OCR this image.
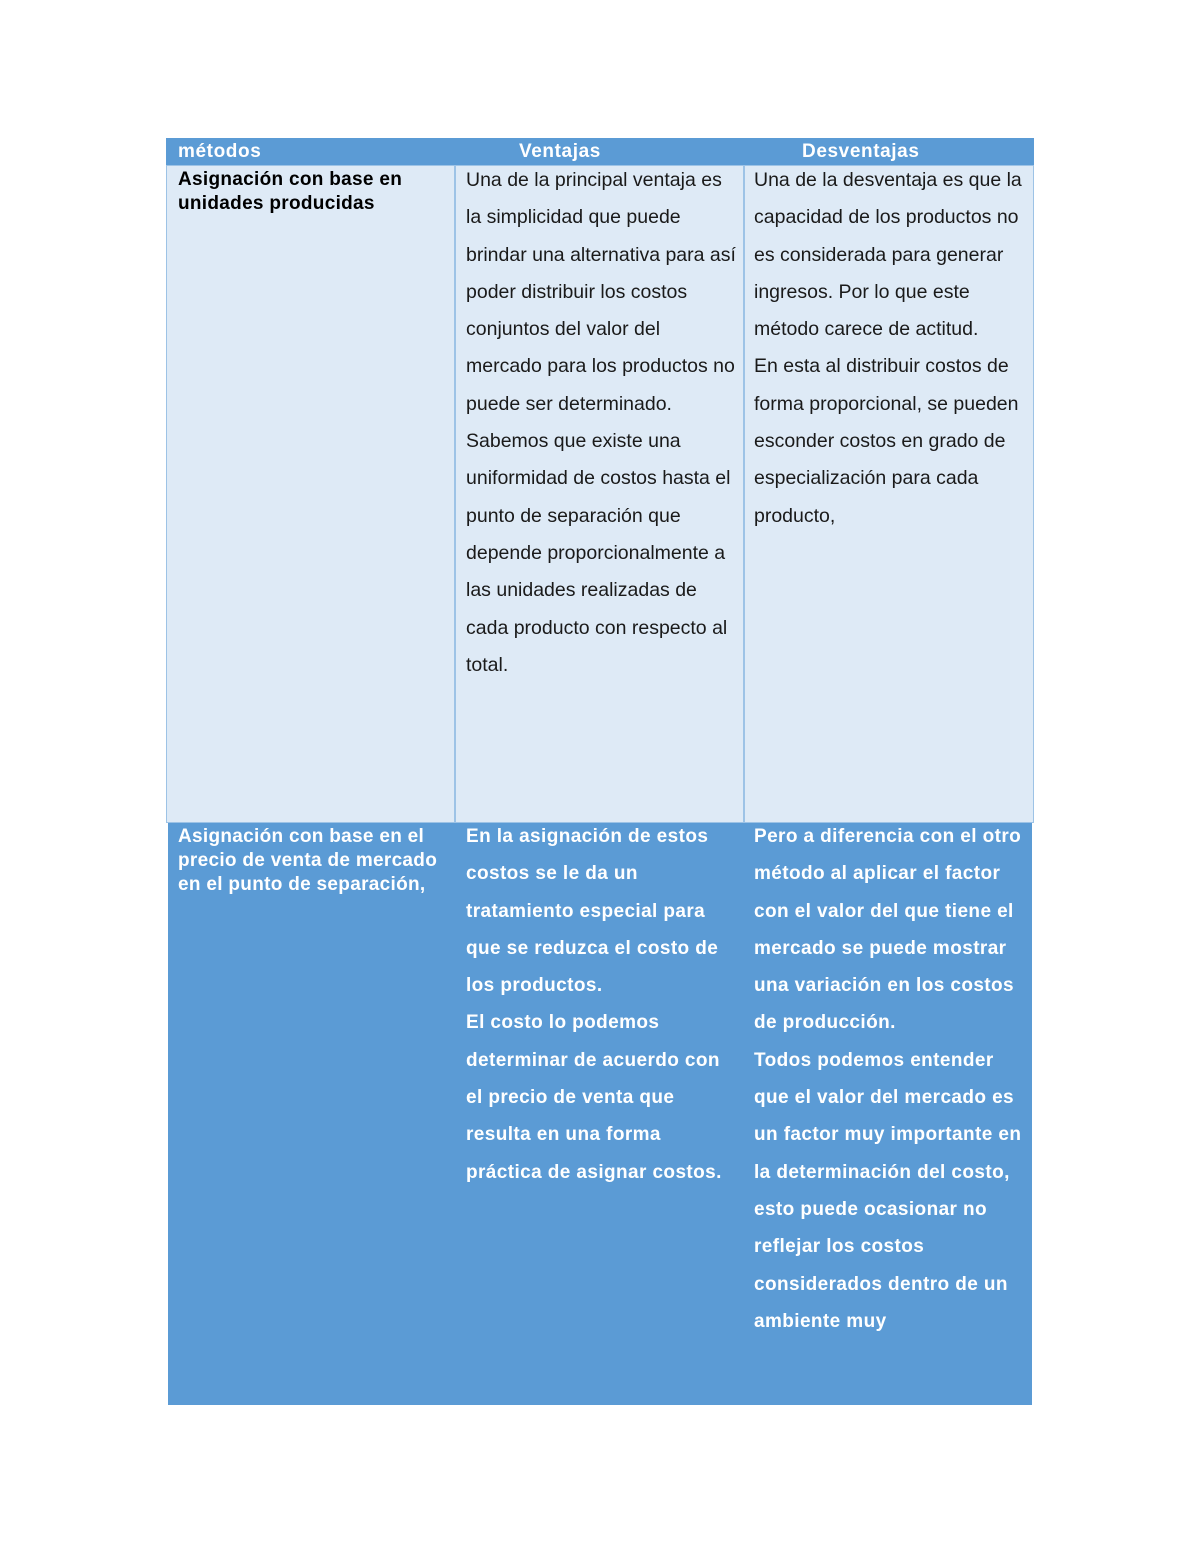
métodos	Ventajas	Desventajas
Asignación con base en unidades producidas
Una de la principal ventaja es la simplicidad que puede brindar una alternativa para así poder distribuir los costos conjuntos del valor del mercado para los productos no puede ser determinado.
Sabemos que existe una uniformidad de costos hasta el punto de separación que depende proporcionalmente a las unidades realizadas de cada producto con respecto al total.
Una de la desventaja es que la capacidad de los productos no es considerada para generar ingresos. Por lo que este método carece de actitud.
En esta al distribuir costos de forma proporcional, se pueden esconder costos en grado de especialización para cada producto,
Asignación con base en el precio de venta de mercado en el punto de separación,
En la asignación de estos costos se le da un tratamiento especial para que se reduzca el costo de los productos.
El costo lo podemos determinar de acuerdo con el precio de venta que resulta en una forma práctica de asignar costos.
Pero a diferencia con el otro método al aplicar el factor con el valor del que tiene el mercado se puede mostrar una variación en los costos de producción.
Todos podemos entender que el valor del mercado es un factor muy importante en la determinación del costo, esto puede ocasionar no reflejar los costos considerados dentro de un ambiente muy
